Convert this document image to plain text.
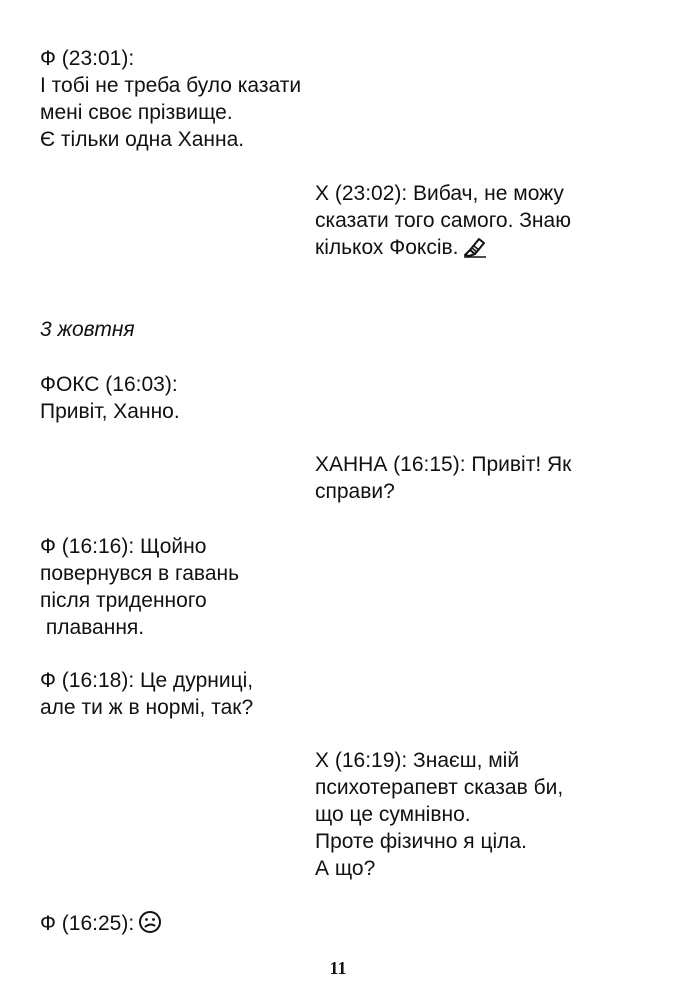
Ф (23:01):
І тобі не треба було казати
мені своє прізвище.
Є тільки одна Ханна.
Х (23:02): Вибач, не можу
сказати того самого. Знаю
кількох Фоксів.
3 жовтня
ФОКС (16:03):
Привіт, Ханно.
ХАННА (16:15): Привіт! Як
справи?
Ф (16:16): Щойно
повернувся в гавань
після триденного
плавання.
Ф (16:18): Це дурниці,
але ти ж в нормі, так?
Х (16:19): Знаєш, мій
психотерапевт сказав би,
що це сумнівно.
Проте фізично я ціла.
А що?
Ф (16:25):
11
